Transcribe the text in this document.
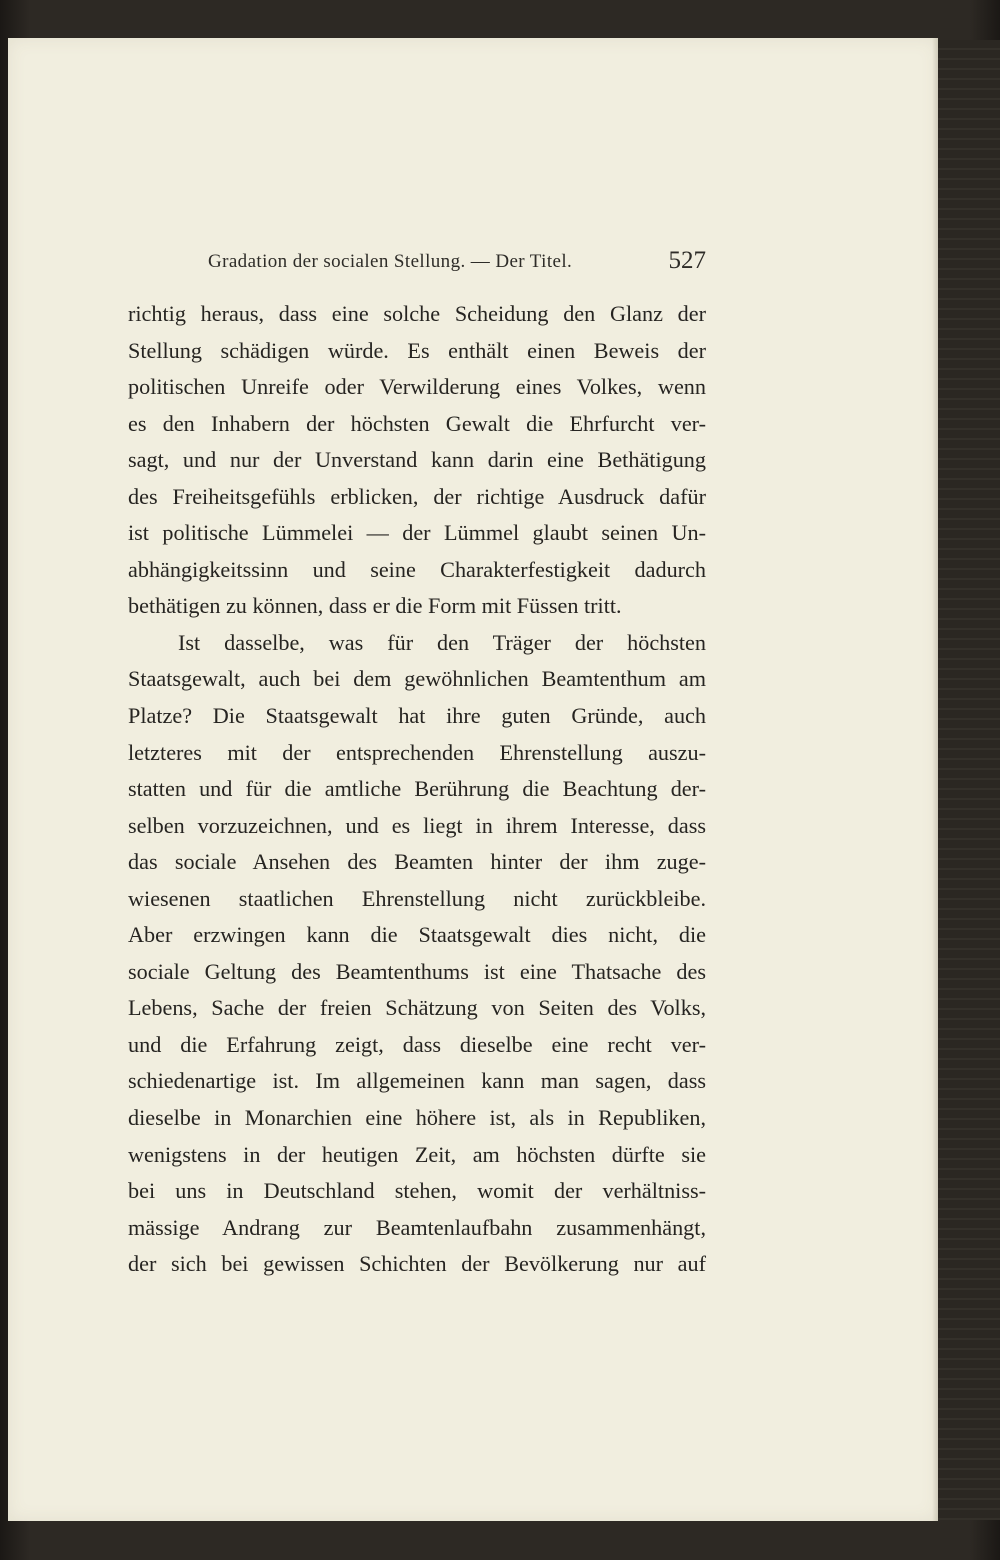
Gradation der socialen Stellung. — Der Titel.	527
richtig heraus, dass eine solche Scheidung den Glanz der
Stellung schädigen würde. Es enthält einen Beweis der
politischen Unreife oder Verwilderung eines Volkes, wenn
es den Inhabern der höchsten Gewalt die Ehrfurcht ver-
sagt, und nur der Unverstand kann darin eine Bethätigung
des Freiheitsgefühls erblicken, der richtige Ausdruck dafür
ist politische Lümmelei — der Lümmel glaubt seinen Un-
abhängigkeitssinn und seine Charakterfestigkeit dadurch
bethätigen zu können, dass er die Form mit Füssen tritt.
Ist dasselbe, was für den Träger der höchsten
Staatsgewalt, auch bei dem gewöhnlichen Beamtenthum am
Platze? Die Staatsgewalt hat ihre guten Gründe, auch
letzteres mit der entsprechenden Ehrenstellung auszu-
statten und für die amtliche Berührung die Beachtung der-
selben vorzuzeichnen, und es liegt in ihrem Interesse, dass
das sociale Ansehen des Beamten hinter der ihm zuge-
wiesenen staatlichen Ehrenstellung nicht zurückbleibe.
Aber erzwingen kann die Staatsgewalt dies nicht, die
sociale Geltung des Beamtenthums ist eine Thatsache des
Lebens, Sache der freien Schätzung von Seiten des Volks,
und die Erfahrung zeigt, dass dieselbe eine recht ver-
schiedenartige ist. Im allgemeinen kann man sagen, dass
dieselbe in Monarchien eine höhere ist, als in Republiken,
wenigstens in der heutigen Zeit, am höchsten dürfte sie
bei uns in Deutschland stehen, womit der verhältniss-
mässige Andrang zur Beamtenlaufbahn zusammenhängt,
der sich bei gewissen Schichten der Bevölkerung nur auf
